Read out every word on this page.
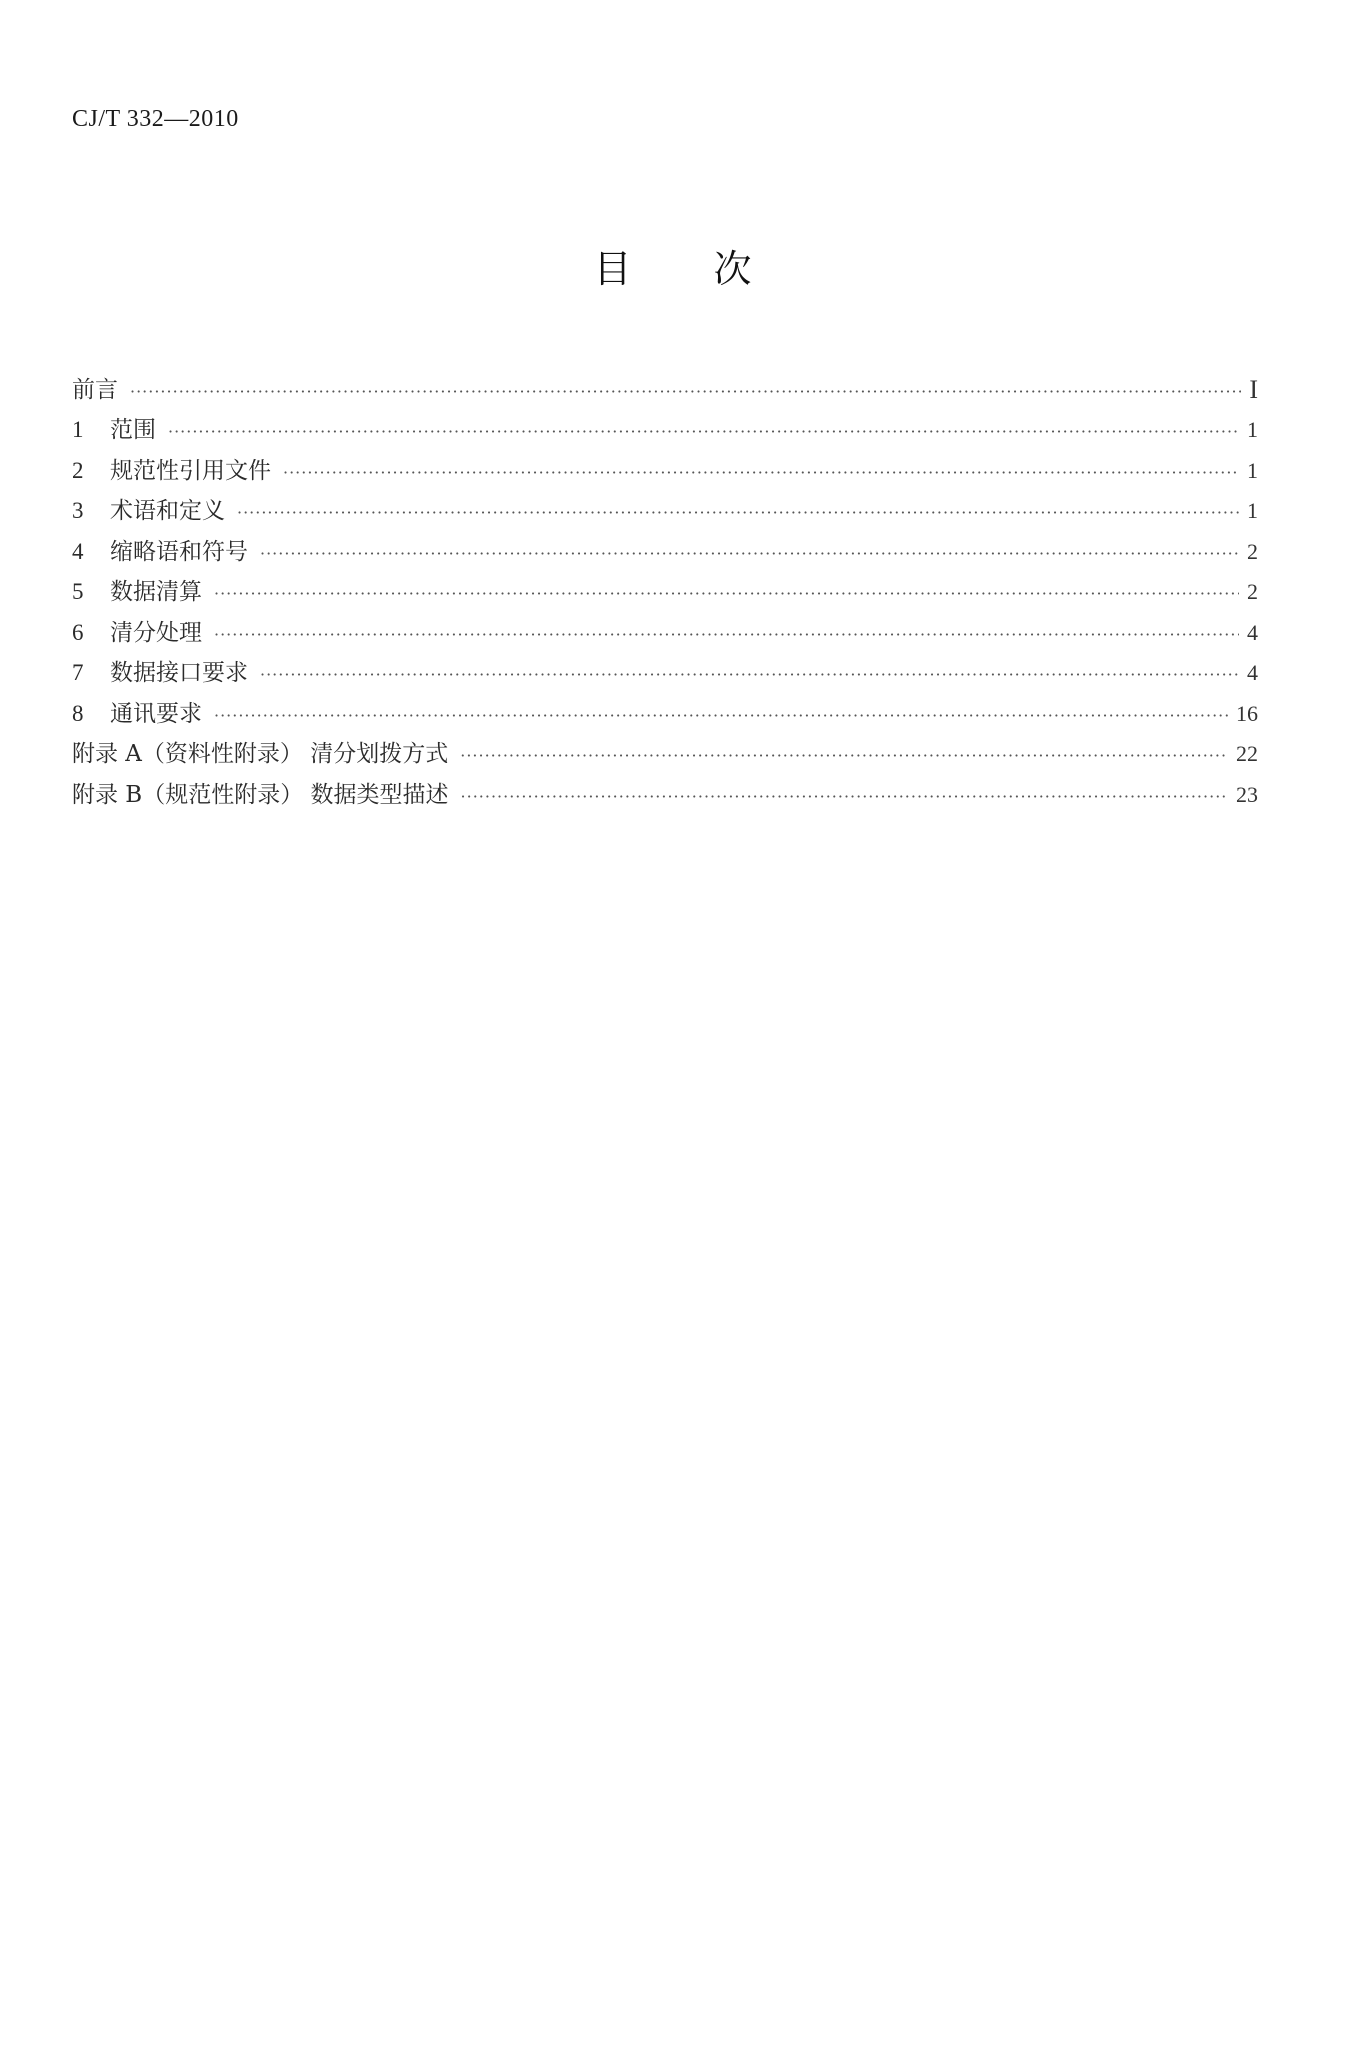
CJ/T 332—2010
目 次
前言 ·····	I
1 范围 ·····	1
2 规范性引用文件 ·····	1
3 术语和定义 ·····	1
4 缩略语和符号 ·····	2
5 数据清算 ·····	2
6 清分处理 ·····	4
7 数据接口要求 ·····	4
8 通讯要求 ·····	16
附录 A（资料性附录） 清分划拨方式 ·····	22
附录 B（规范性附录） 数据类型描述 ·····	23
